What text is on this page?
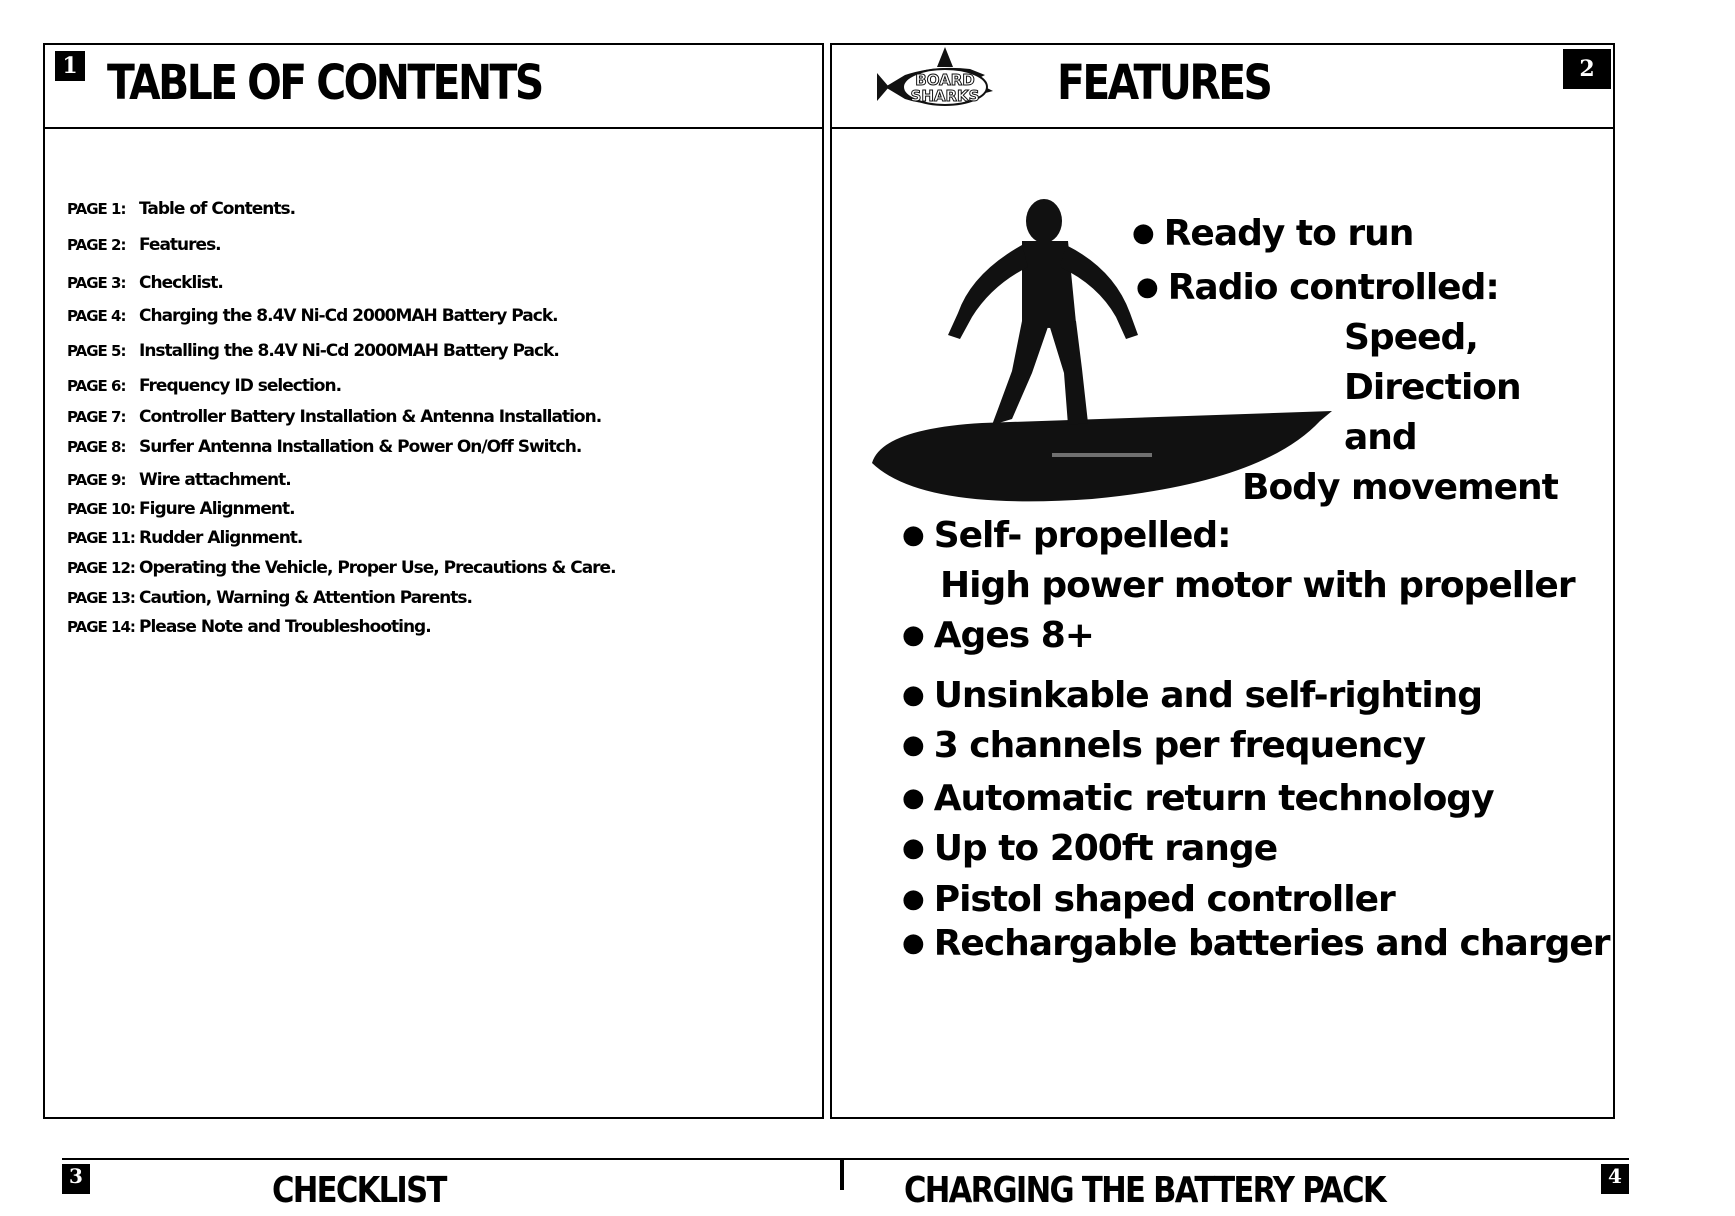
1 TABLE OF CONTENTS
PAGE 1: Table of Contents.
PAGE 2: Features.
PAGE 3: Checklist.
PAGE 4: Charging the 8.4V Ni-Cd 2000MAH Battery Pack.
PAGE 5: Installing the 8.4V Ni-Cd 2000MAH Battery Pack.
PAGE 6: Frequency ID selection.
PAGE 7: Controller Battery Installation & Antenna Installation.
PAGE 8: Surfer Antenna Installation & Power On/Off Switch.
PAGE 9: Wire attachment.
PAGE 10: Figure Alignment.
PAGE 11: Rudder Alignment.
PAGE 12: Operating the Vehicle, Proper Use, Precautions & Care.
PAGE 13: Caution, Warning & Attention Parents.
PAGE 14: Please Note and Troubleshooting.
BOARD
SHARKS FEATURES	2
● Ready to run
● Radio controlled:
Speed,
Direction
and
Body movement
● Self- propelled:
High power motor with propeller
● Ages 8+
● Unsinkable and self-righting
● 3 channels per frequency
● Automatic return technology
● Up to 200ft range
● Pistol shaped controller
● Rechargable batteries and charger
3	CHECKLIST	CHARGING THE BATTERY PACK	4
